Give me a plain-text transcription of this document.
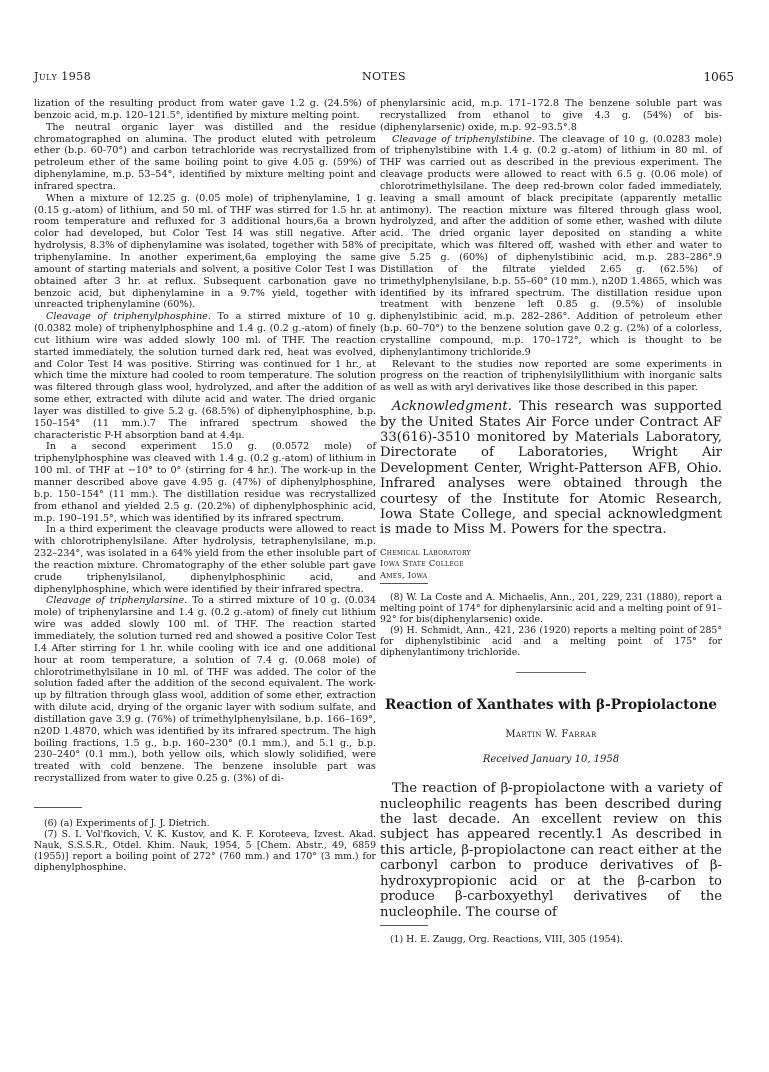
July 1958	NOTES	1065

lization of the resulting product from water gave 1.2 g. (24.5%) of benzoic acid, m.p. 120–121.5°, identified by mixture melting point.

The neutral organic layer was distilled and the residue chromatographed on alumina. The product eluted with petroleum ether (b.p. 60-70°) and carbon tetrachloride was recrystallized from petroleum ether of the same boiling point to give 4.05 g. (59%) of diphenylamine, m.p. 53–54°, identified by mixture melting point and infrared spectra.

When a mixture of 12.25 g. (0.05 mole) of triphenylamine, 1 g. (0.15 g.-atom) of lithium, and 50 ml. of THF was stirred for 1.5 hr. at room temperature and refluxed for 3 additional hours,6a a brown color had developed, but Color Test I4 was still negative. After hydrolysis, 8.3% of diphenylamine was isolated, together with 58% of triphenylamine. In another experiment,6a employing the same amount of starting materials and solvent, a positive Color Test I was obtained after 3 hr. at reflux. Subsequent carbonation gave no benzoic acid, but diphenylamine in a 9.7% yield, together with unreacted triphenylamine (60%).

Cleavage of triphenylphosphine. To a stirred mixture of 10 g. (0.0382 mole) of triphenylphosphine and 1.4 g. (0.2 g.-atom) of finely cut lithium wire was added slowly 100 ml. of THF. The reaction started immediately, the solution turned dark red, heat was evolved, and Color Test I4 was positive. Stirring was continued for 1 hr., at which time the mixture had cooled to room temperature. The solution was filtered through glass wool, hydrolyzed, and after the addition of some ether, extracted with dilute acid and water. The dried organic layer was distilled to give 5.2 g. (68.5%) of diphenylphosphine, b.p. 150–154° (11 mm.).7 The infrared spectrum showed the characteristic P-H absorption band at 4.4μ.

In a second experiment 15.0 g. (0.0572 mole) of triphenylphosphine was cleaved with 1.4 g. (0.2 g.-atom) of lithium in 100 ml. of THF at −10° to 0° (stirring for 4 hr.). The work-up in the manner described above gave 4.95 g. (47%) of diphenylphosphine, b.p. 150–154° (11 mm.). The distillation residue was recrystallized from ethanol and yielded 2.5 g. (20.2%) of diphenylphosphinic acid, m.p. 190–191.5°, which was identified by its infrared spectrum.

In a third experiment the cleavage products were allowed to react with chlorotriphenylsilane. After hydrolysis, tetraphenylsilane, m.p. 232–234°, was isolated in a 64% yield from the ether insoluble part of the reaction mixture. Chromatography of the ether soluble part gave crude triphenylsilanol, diphenylphosphinic acid, and diphenylphosphine, which were identified by their infrared spectra.

Cleavage of triphenylarsine. To a stirred mixture of 10 g. (0.034 mole) of triphenylarsine and 1.4 g. (0.2 g.-atom) of finely cut lithium wire was added slowly 100 ml. of THF. The reaction started immediately, the solution turned red and showed a positive Color Test I.4 After stirring for 1 hr. while cooling with ice and one additional hour at room temperature, a solution of 7.4 g. (0.068 mole) of chlorotrimethylsilane in 10 ml. of THF was added. The color of the solution faded after the addition of the second equivalent. The work-up by filtration through glass wool, addition of some ether, extraction with dilute acid, drying of the organic layer with sodium sulfate, and distillation gave 3.9 g. (76%) of trimethylphenylsilane, b.p. 166–169°, n20D 1.4870, which was identified by its infrared spectrum. The high boiling fractions, 1.5 g., b.p. 160–230° (0.1 mm.), and 5.1 g., b.p. 230–240° (0.1 mm.), both yellow oils, which slowly solidified, were treated with cold benzene. The benzene insoluble part was recrystallized from water to give 0.25 g. (3%) of di-

(6) (a) Experiments of J. J. Dietrich.

(7) S. I. Vol'fkovich, V. K. Kustov, and K. F. Koroteeva, Izvest. Akad. Nauk, S.S.S.R., Otdel. Khim. Nauk, 1954, 5 [Chem. Abstr., 49, 6859 (1955)] report a boiling point of 272° (760 mm.) and 170° (3 mm.) for diphenylphosphine.

phenylarsinic acid, m.p. 171–172.8 The benzene soluble part was recrystallized from ethanol to give 4.3 g. (54%) of bis-(diphenylarsenic) oxide, m.p. 92–93.5°.8

Cleavage of triphenylstibine. The cleavage of 10 g. (0.0283 mole) of triphenylstibine with 1.4 g. (0.2 g.-atom) of lithium in 80 ml. of THF was carried out as described in the previous experiment. The cleavage products were allowed to react with 6.5 g. (0.06 mole) of chlorotrimethylsilane. The deep red-brown color faded immediately, leaving a small amount of black precipitate (apparently metallic antimony). The reaction mixture was filtered through glass wool, hydrolyzed, and after the addition of some ether, washed with dilute acid. The dried organic layer deposited on standing a white precipitate, which was filtered off, washed with ether and water to give 5.25 g. (60%) of diphenylstibinic acid, m.p. 283–286°.9 Distillation of the filtrate yielded 2.65 g. (62.5%) of trimethylphenylsilane, b.p. 55–60° (10 mm.), n20D 1.4865, which was identified by its infrared spectrum. The distillation residue upon treatment with benzene left 0.85 g. (9.5%) of insoluble diphenylstibinic acid, m.p. 282–286°. Addition of petroleum ether (b.p. 60–70°) to the benzene solution gave 0.2 g. (2%) of a colorless, crystalline compound, m.p. 170–172°, which is thought to be diphenylantimony trichloride.9

Relevant to the studies now reported are some experiments in progress on the reaction of triphenylsilyllithium with inorganic salts as well as with aryl derivatives like those described in this paper.

Acknowledgment. This research was supported by the United States Air Force under Contract AF 33(616)-3510 monitored by Materials Laboratory, Directorate of Laboratories, Wright Air Development Center, Wright-Patterson AFB, Ohio. Infrared analyses were obtained through the courtesy of the Institute for Atomic Research, Iowa State College, and special acknowledgment is made to Miss M. Powers for the spectra.

Chemical Laboratory

Iowa State College

Ames, Iowa

(8) W. La Coste and A. Michaelis, Ann., 201, 229, 231 (1880), report a melting point of 174° for diphenylarsinic acid and a melting point of 91–92° for bis(diphenylarsenic) oxide.

(9) H. Schmidt, Ann., 421, 236 (1920) reports a melting point of 285° for diphenylstibinic acid and a melting point of 175° for diphenylantimony trichloride.

Reaction of Xanthates with β-Propiolactone

Martin W. Farrar

Received January 10, 1958

The reaction of β-propiolactone with a variety of nucleophilic reagents has been described during the last decade. An excellent review on this subject has appeared recently.1 As described in this article, β-propiolactone can react either at the carbonyl carbon to produce derivatives of β-hydroxypropionic acid or at the β-carbon to produce β-carboxyethyl derivatives of the nucleophile. The course of

(1) H. E. Zaugg, Org. Reactions, VIII, 305 (1954).
